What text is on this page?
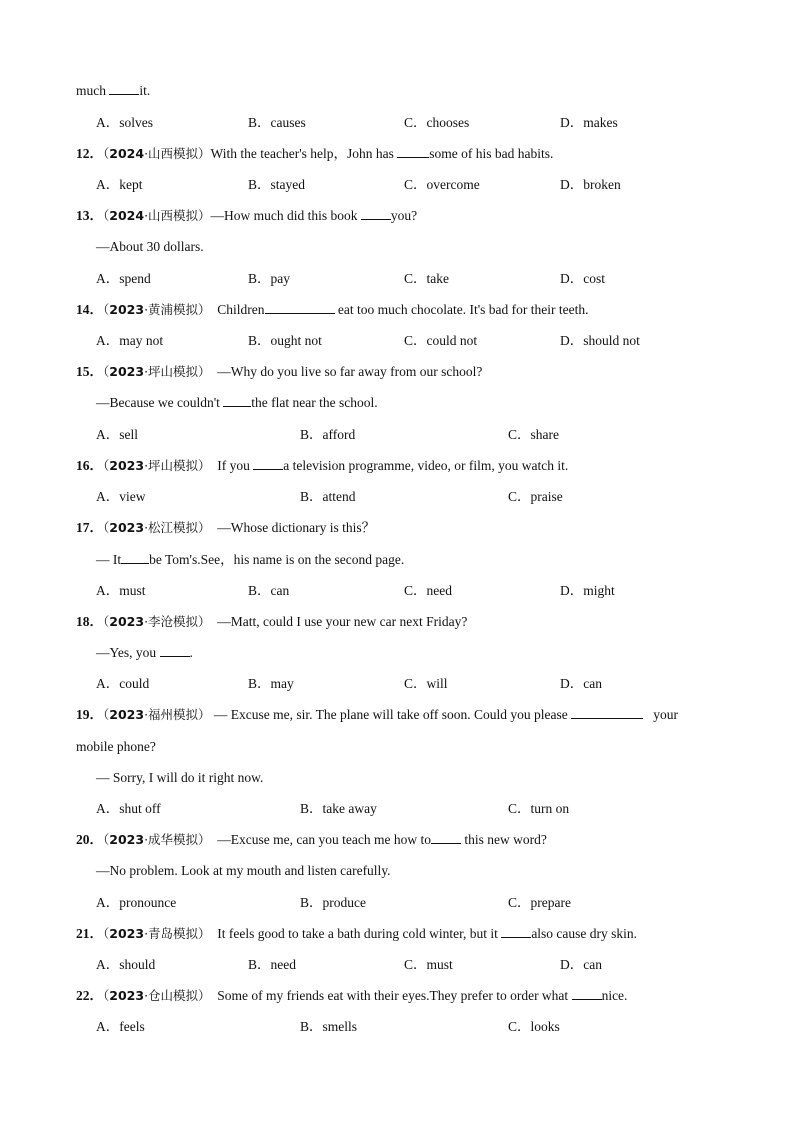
much it.
A．solves	B．causes	C．chooses	D．makes
12．（2024·山西模拟）With the teacher's help，John has	some of his bad habits.
A．kept	B．stayed	C．overcome	D．broken
13．（2024·山西模拟）—How much did this book you?
—About 30 dollars.
A．spend	B．pay	C．take	D．cost
14．（2023·黄浦模拟） Children	eat too much chocolate. It's bad for their teeth.
A．may not	B．ought not	C．could not	D．should not
15．（2023·坪山模拟） —Why do you live so far away from our school?
—Because we couldn't the flat near the school.
A．sell	B．afford	C．share
16．（2023·坪山模拟） If you a television programme, video, or film, you watch it.
A．view	B．attend	C．praise
17．（2023·松江模拟） —Whose dictionary is this？
— It be Tom's.See，his name is on the second page.
A．must	B．can	C．need	D．might
18．（2023·李沧模拟） —Matt, could I use your new car next Friday?
—Yes, you .
A．could	B．may	C．will	D．can
19．（2023·福州模拟） — Excuse me, sir. The plane will take off soon. Could you please	your
mobile phone?
— Sorry, I will do it right now.
A．shut off	B．take away	C．turn on
20．（2023·成华模拟） —Excuse me, can you teach me how to this new word?
—No problem. Look at my mouth and listen carefully.
A．pronounce	B．produce	C．prepare
21．（2023·青岛模拟） It feels good to take a bath during cold winter, but it also cause dry skin.
A．should	B．need	C．must	D．can
22．（2023·仓山模拟） Some of my friends eat with their eyes.They prefer to order what nice.
A．feels	B．smells	C．looks
